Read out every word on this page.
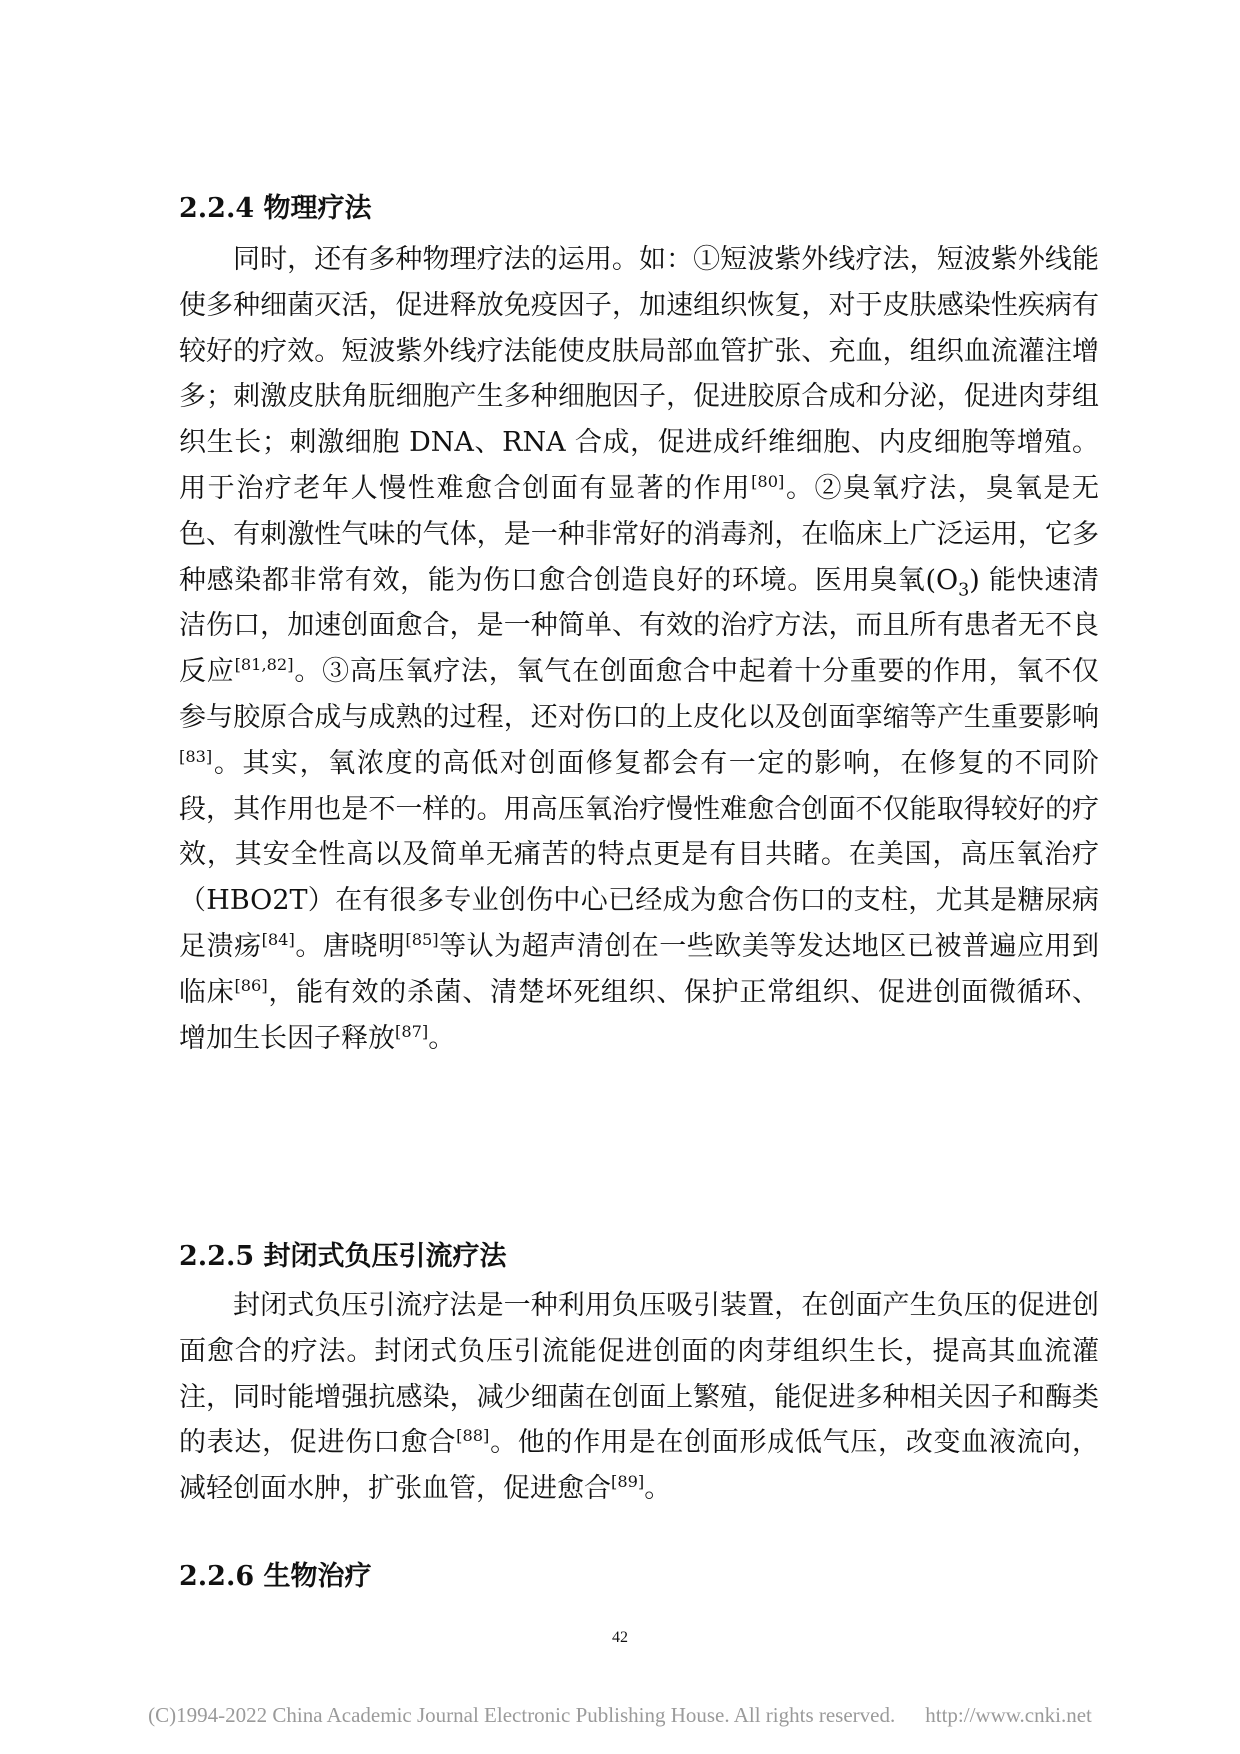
2.2.4 物理疗法

同时，还有多种物理疗法的运用。如：①短波紫外线疗法，短波紫外线能使多种细菌灭活，促进释放免疫因子，加速组织恢复，对于皮肤感染性疾病有较好的疗效。短波紫外线疗法能使皮肤局部血管扩张、充血，组织血流灌注增多；刺激皮肤角朊细胞产生多种细胞因子，促进胶原合成和分泌，促进肉芽组织生长；刺激细胞 DNA、RNA 合成，促进成纤维细胞、内皮细胞等增殖。用于治疗老年人慢性难愈合创面有显著的作用[80]。②臭氧疗法，臭氧是无色、有刺激性气味的气体，是一种非常好的消毒剂，在临床上广泛运用，它多种感染都非常有效，能为伤口愈合创造良好的环境。医用臭氧$(O_3)$ 能快速清洁伤口，加速创面愈合，是一种简单、有效的治疗方法，而且所有患者无不良反应[81,82]。③高压氧疗法，氧气在创面愈合中起着十分重要的作用，氧不仅参与胶原合成与成熟的过程，还对伤口的上皮化以及创面挛缩等产生重要影响[83]。其实，氧浓度的高低对创面修复都会有一定的影响，在修复的不同阶段，其作用也是不一样的。用高压氧治疗慢性难愈合创面不仅能取得较好的疗效，其安全性高以及简单无痛苦的特点更是有目共睹。在美国，高压氧治疗（HBO2T）在有很多专业创伤中心已经成为愈合伤口的支柱，尤其是糖尿病足溃疡[84]。唐晓明[85]等认为超声清创在一些欧美等发达地区已被普遍应用到临床[86]，能有效的杀菌、清楚坏死组织、保护正常组织、促进创面微循环、增加生长因子释放[87]。

2.2.5 封闭式负压引流疗法

封闭式负压引流疗法是一种利用负压吸引装置，在创面产生负压的促进创面愈合的疗法。封闭式负压引流能促进创面的肉芽组织生长，提高其血流灌注，同时能增强抗感染，减少细菌在创面上繁殖，能促进多种相关因子和酶类的表达，促进伤口愈合[88]。他的作用是在创面形成低气压，改变血液流向，减轻创面水肿，扩张血管，促进愈合[89]。

2.2.6 生物治疗
42
(C)1994-2022 China Academic Journal Electronic Publishing House. All rights reserved. http://www.cnki.net
